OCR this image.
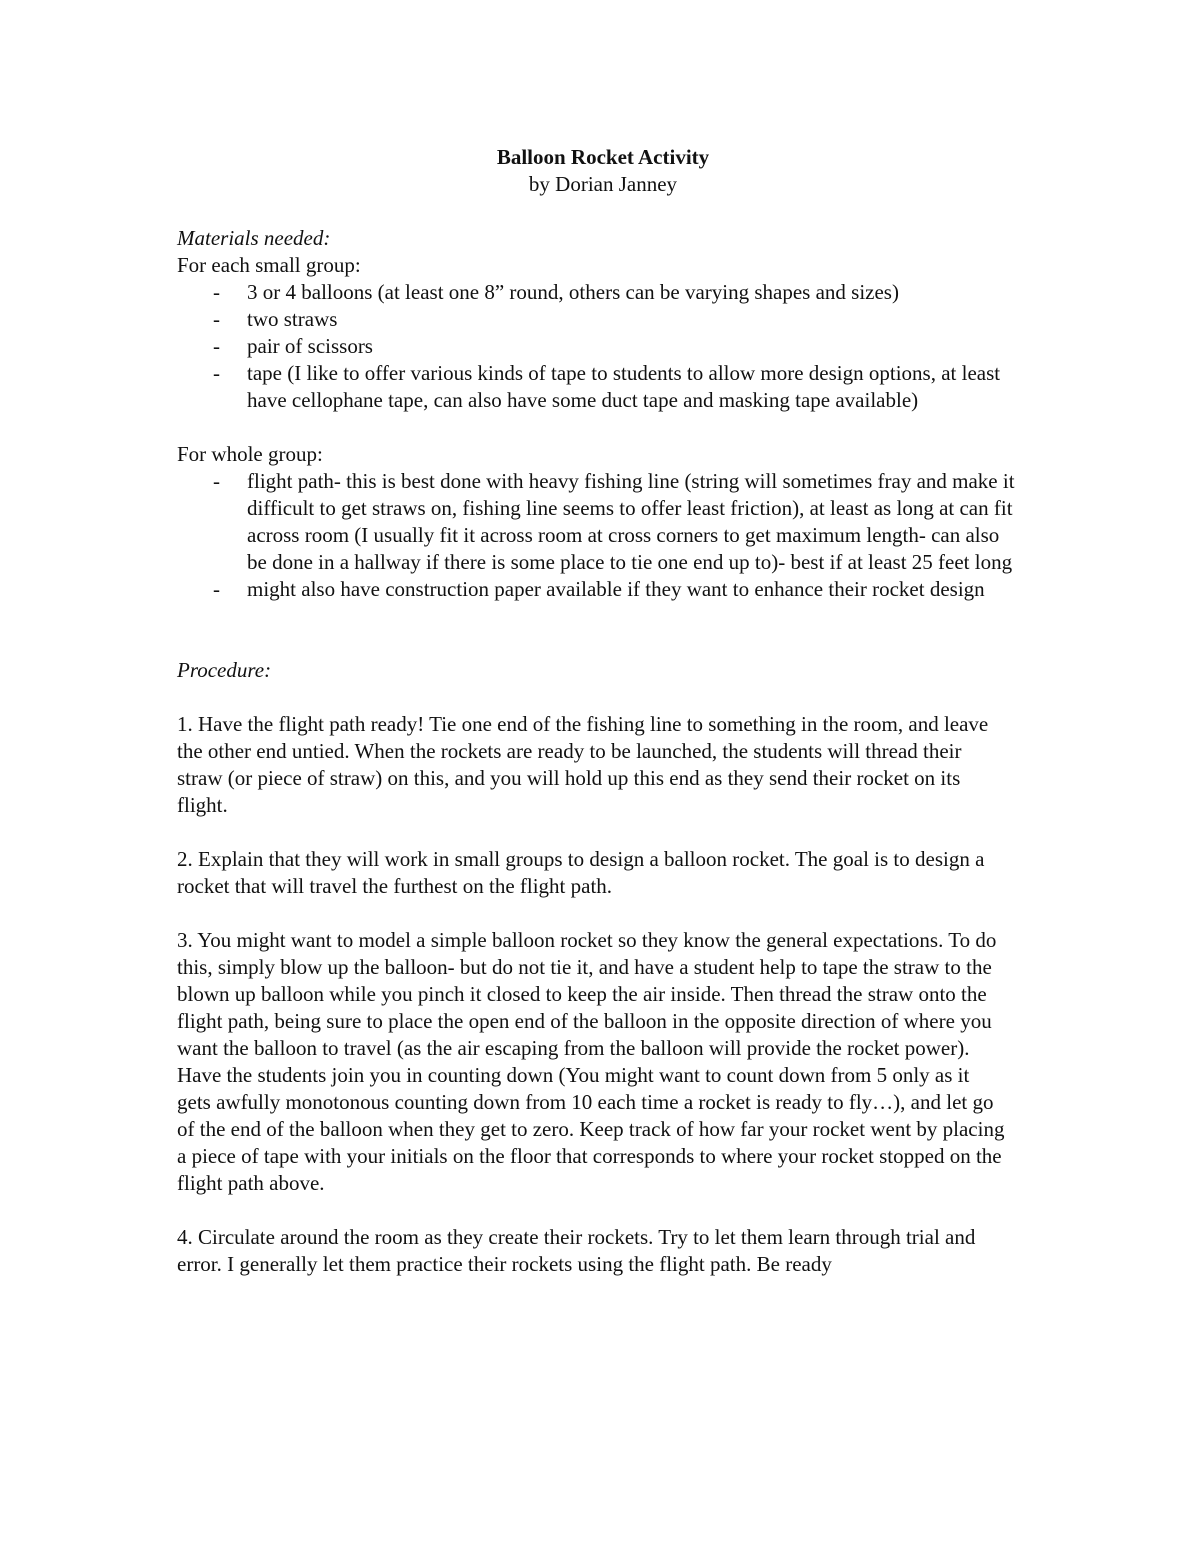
Balloon Rocket Activity

by Dorian Janney

Materials needed:

For each small group:

- 3 or 4 balloons (at least one 8” round, others can be varying shapes and sizes)
- two straws
- pair of scissors
- tape (I like to offer various kinds of tape to students to allow more design options, at least have cellophane tape, can also have some duct tape and masking tape available)

For whole group:

- flight path- this is best done with heavy fishing line (string will sometimes fray and make it difficult to get straws on, fishing line seems to offer least friction), at least as long at can fit across room (I usually fit it across room at cross corners to get maximum length- can also be done in a hallway if there is some place to tie one end up to)- best if at least 25 feet long
- might also have construction paper available if they want to enhance their rocket design

Procedure:

1. Have the flight path ready! Tie one end of the fishing line to something in the room, and leave the other end untied. When the rockets are ready to be launched, the students will thread their straw (or piece of straw) on this, and you will hold up this end as they send their rocket on its flight.

2. Explain that they will work in small groups to design a balloon rocket. The goal is to design a rocket that will travel the furthest on the flight path.

3. You might want to model a simple balloon rocket so they know the general expectations. To do this, simply blow up the balloon- but do not tie it, and have a student help to tape the straw to the blown up balloon while you pinch it closed to keep the air inside. Then thread the straw onto the flight path, being sure to place the open end of the balloon in the opposite direction of where you want the balloon to travel (as the air escaping from the balloon will provide the rocket power). Have the students join you in counting down (You might want to count down from 5 only as it gets awfully monotonous counting down from 10 each time a rocket is ready to fly…), and let go of the end of the balloon when they get to zero. Keep track of how far your rocket went by placing a piece of tape with your initials on the floor that corresponds to where your rocket stopped on the flight path above.

4. Circulate around the room as they create their rockets. Try to let them learn through trial and error. I generally let them practice their rockets using the flight path. Be ready
